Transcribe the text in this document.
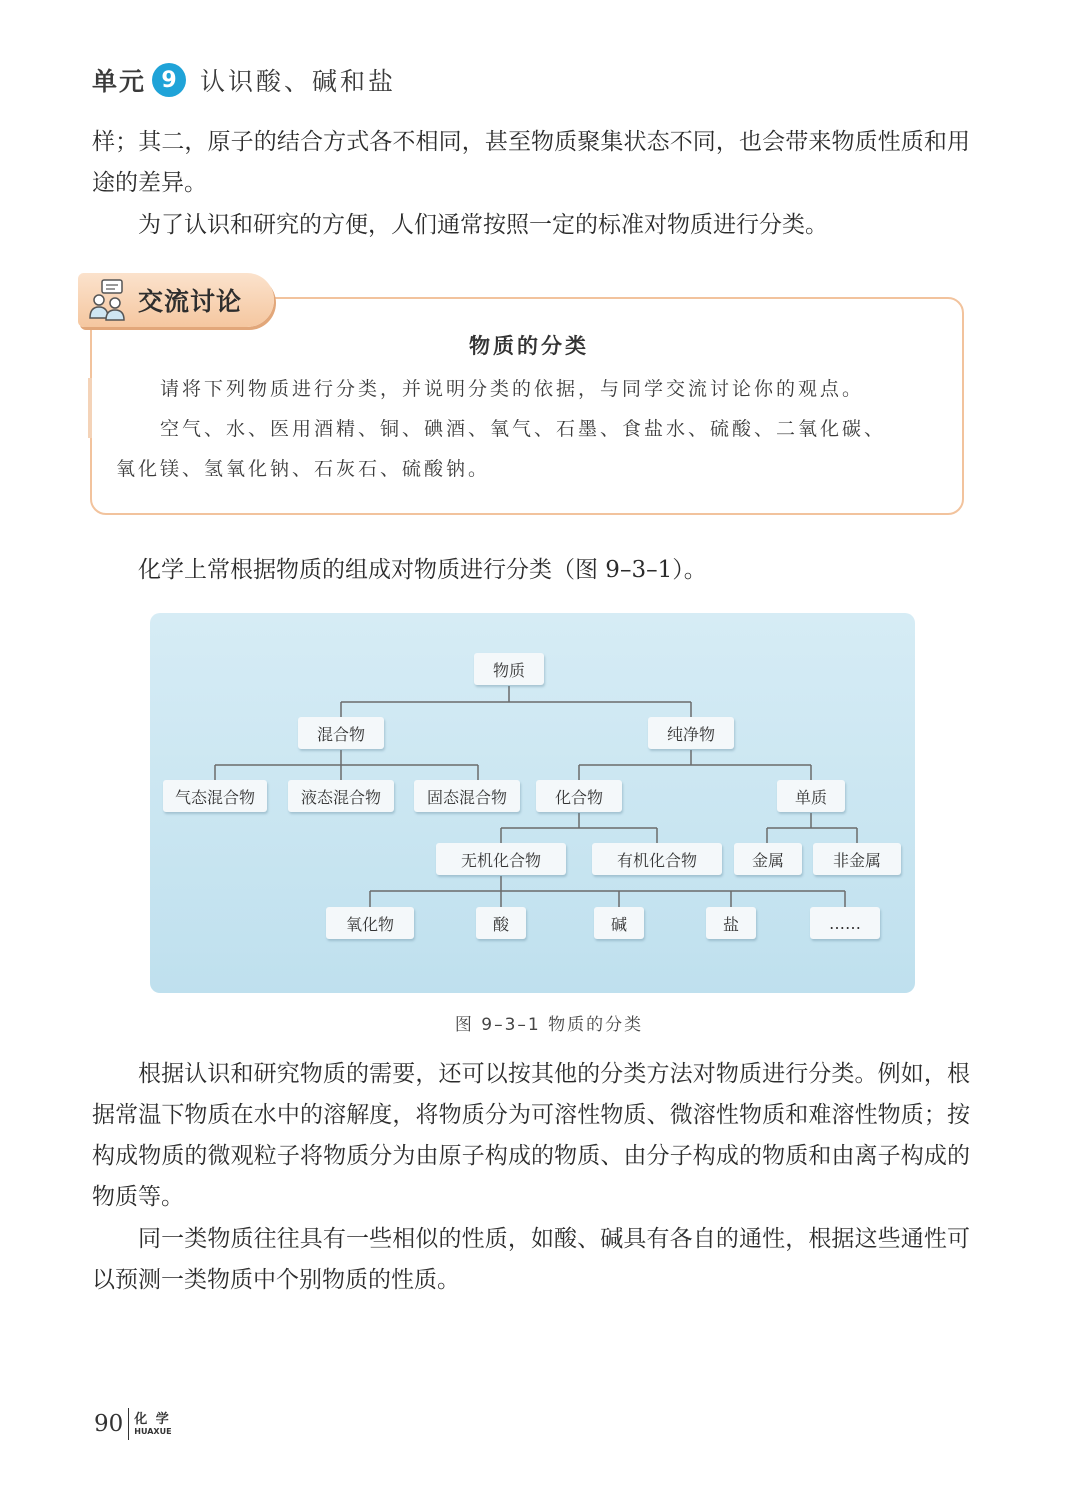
单元 9 认识酸、碱和盐

样；其二，原子的结合方式各不相同，甚至物质聚集状态不同，也会带来物质性质和用途的差异。

为了认识和研究的方便，人们通常按照一定的标准对物质进行分类。

交流讨论
物质的分类

请将下列物质进行分类，并说明分类的依据，与同学交流讨论你的观点。

空气、水、医用酒精、铜、碘酒、氧气、石墨、食盐水、硫酸、二氧化碳、

氧化镁、氢氧化钠、石灰石、硫酸钠。

化学上常根据物质的组成对物质进行分类（图 9–3–1）。

物质
混合物	纯净物
气态混合物	液态混合物	固态混合物	化合物	单质
无机化合物	有机化合物	金属	非金属
氧化物	酸	碱	盐	……
图 9–3–1 物质的分类

根据认识和研究物质的需要，还可以按其他的分类方法对物质进行分类。例如，根据常温下物质在水中的溶解度，将物质分为可溶性物质、微溶性物质和难溶性物质；按构成物质的微观粒子将物质分为由原子构成的物质、由分子构成的物质和由离子构成的物质等。

同一类物质往往具有一些相似的性质，如酸、碱具有各自的通性，根据这些通性可以预测一类物质中个别物质的性质。

90 化 学
HUAXUE
